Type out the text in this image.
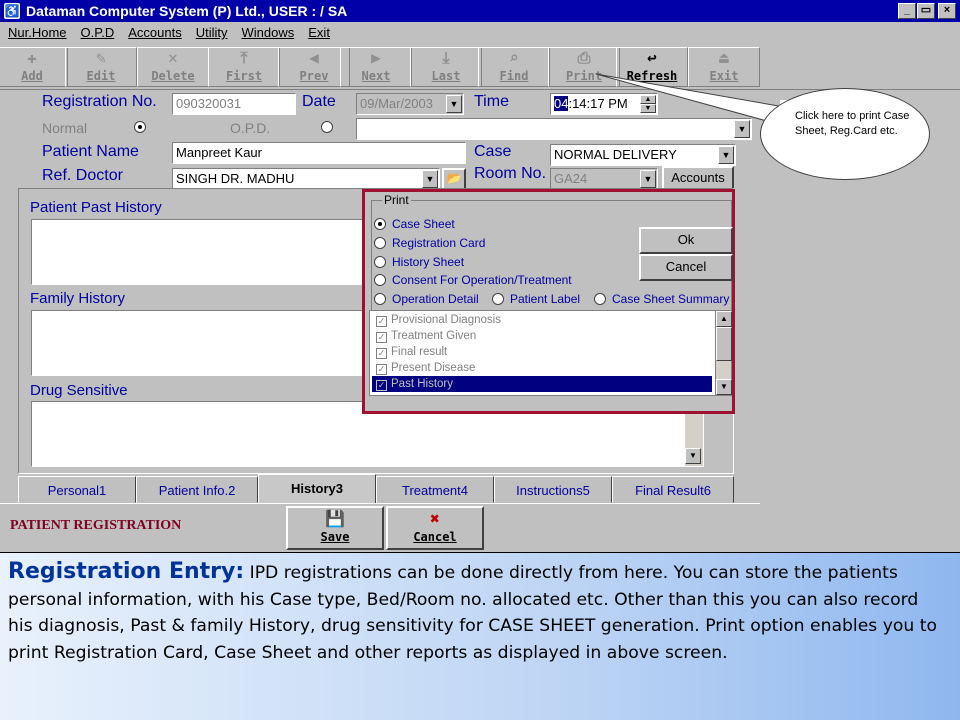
♿ Dataman Computer System (P) Ltd., USER : / SA	_ ▭	×
Nur.Home O.P.D Accounts Utility Windows Exit
✚
Add
✎
Edit
✕
Delete
⤒
First
◀
Prev
▶
Next
⤓
Last
⌕
Find
⎙
Print
↩
Refresh
⏏
Exit
Registration No.	090320031	Date	09/Mar/2003	▼ Time	04:14:17 PM	▲
▼
Normal	O.P.D.	▼
Patient Name	Manpreet Kaur	Case	NORMAL DELIVERY	▼
Ref. Doctor	SINGH DR. MADHU	▼	📂 Room No. GA24	▼	Accounts
Patient Past History
Family History
Drug Sensitive
▼
Print
Case Sheet
Registration Card
History Sheet
Consent For Operation/Treatment
Operation Detail	Patient Label	Case Sheet Summary
Ok
Cancel
✓ Provisional Diagnosis
✓ Treatment Given
✓ Final result
✓ Present Disease
✓ Past History
▲
▼
Personal1	Patient Info.2	History3	Treatment4	Instructions5	Final Result6
PATIENT REGISTRATION	💾
Save
✖
Cancel
Click here to print Case Sheet, Reg.Card etc.
Registration Entry: IPD registrations can be done directly from here. You can store the patients personal information, with his Case type, Bed/Room no. allocated etc. Other than this you can also record his diagnosis, Past & family History, drug sensitivity for CASE SHEET generation. Print option enables you to print Registration Card, Case Sheet and other reports as displayed in above screen.
